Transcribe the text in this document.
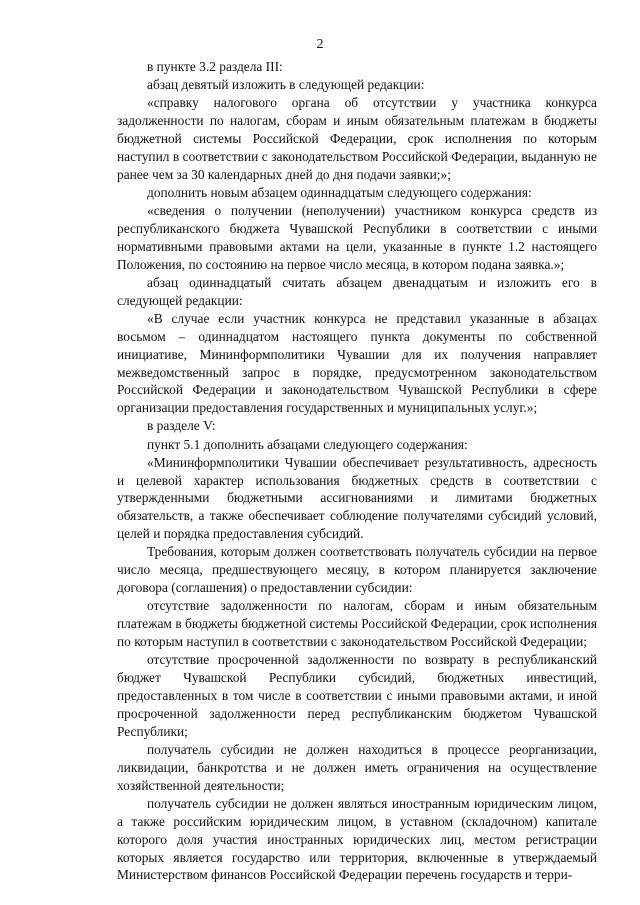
2

в пункте 3.2 раздела III:

абзац девятый изложить в следующей редакции:

«справку налогового органа об отсутствии у участника конкурса задолженности по налогам, сборам и иным обязательным платежам в бюджеты бюджетной системы Российской Федерации, срок исполнения по которым наступил в соответствии с законодательством Российской Федерации, выданную не ранее чем за 30 календарных дней до дня подачи заявки;»;

дополнить новым абзацем одиннадцатым следующего содержания:

«сведения о получении (неполучении) участником конкурса средств из республиканского бюджета Чувашской Республики в соответствии с иными нормативными правовыми актами на цели, указанные в пункте 1.2 настоящего Положения, по состоянию на первое число месяца, в котором подана заявка.»;

абзац одиннадцатый считать абзацем двенадцатым и изложить его в следующей редакции:

«В случае если участник конкурса не представил указанные в абзацах восьмом – одиннадцатом настоящего пункта документы по собственной инициативе, Мининформполитики Чувашии для их получения направляет межведомственный запрос в порядке, предусмотренном законодательством Российской Федерации и законодательством Чувашской Республики в сфере организации предоставления государственных и муниципальных услуг.»;

в разделе V:

пункт 5.1 дополнить абзацами следующего содержания:

«Мининформполитики Чувашии обеспечивает результативность, адресность и целевой характер использования бюджетных средств в соответствии с утвержденными бюджетными ассигнованиями и лимитами бюджетных обязательств, а также обеспечивает соблюдение получателями субсидий условий, целей и порядка предоставления субсидий.

Требования, которым должен соответствовать получатель субсидии на первое число месяца, предшествующего месяцу, в котором планируется заключение договора (соглашения) о предоставлении субсидии:

отсутствие задолженности по налогам, сборам и иным обязательным платежам в бюджеты бюджетной системы Российской Федерации, срок исполнения по которым наступил в соответствии с законодательством Российской Федерации;

отсутствие просроченной задолженности по возврату в республиканский бюджет Чувашской Республики субсидий, бюджетных инвестиций, предоставленных в том числе в соответствии с иными правовыми актами, и иной просроченной задолженности перед республиканским бюджетом Чувашской Республики;

получатель субсидии не должен находиться в процессе реорганизации, ликвидации, банкротства и не должен иметь ограничения на осуществление хозяйственной деятельности;

получатель субсидии не должен являться иностранным юридическим лицом, а также российским юридическим лицом, в уставном (складочном) капитале которого доля участия иностранных юридических лиц, местом регистрации которых является государство или территория, включенные в утверждаемый Министерством финансов Российской Федерации перечень государств и терри-
